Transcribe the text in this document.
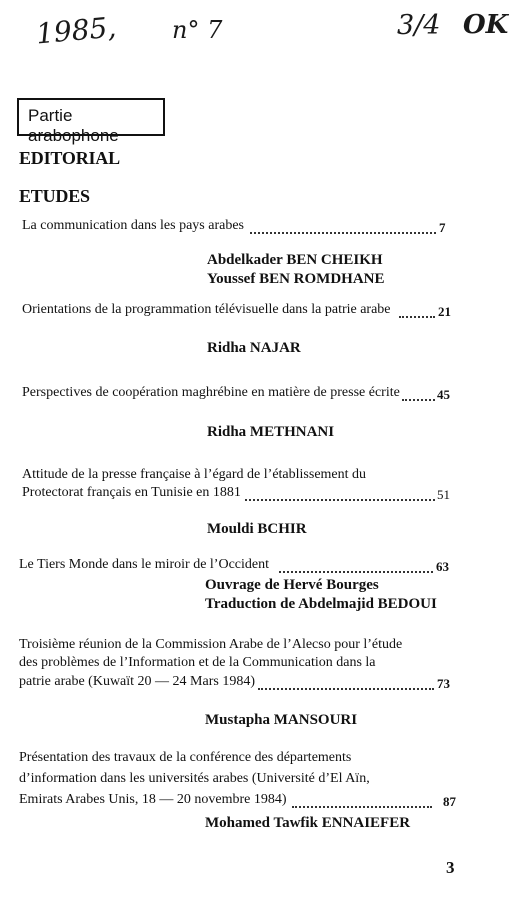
1985, n° 7	3/4 OK
Partie arabophone
EDITORIAL
ETUDES
La communication dans les pays arabes	7
Abdelkader BEN CHEIKH
Youssef BEN ROMDHANE
Orientations de la programmation télévisuelle dans la patrie arabe	21
Ridha NAJAR
Perspectives de coopération maghrébine en matière de presse écrite	45
Ridha METHNANI
Attitude de la presse française à l’égard de l’établissement du
Protectorat français en Tunisie en 1881	51
Mouldi BCHIR
Le Tiers Monde dans le miroir de l’Occident	63
Ouvrage de Hervé Bourges
Traduction de Abdelmajid BEDOUI
Troisième réunion de la Commission Arabe de l’Alecso pour l’étude
des problèmes de l’Information et de la Communication dans la
patrie arabe (Kuwaït 20 — 24 Mars 1984)	73
Mustapha MANSOURI
Présentation des travaux de la conférence des départements
d’information dans les universités arabes (Université d’El Aïn,
Emirats Arabes Unis, 18 — 20 novembre 1984)	87
Mohamed Tawfik ENNAIEFER
3
